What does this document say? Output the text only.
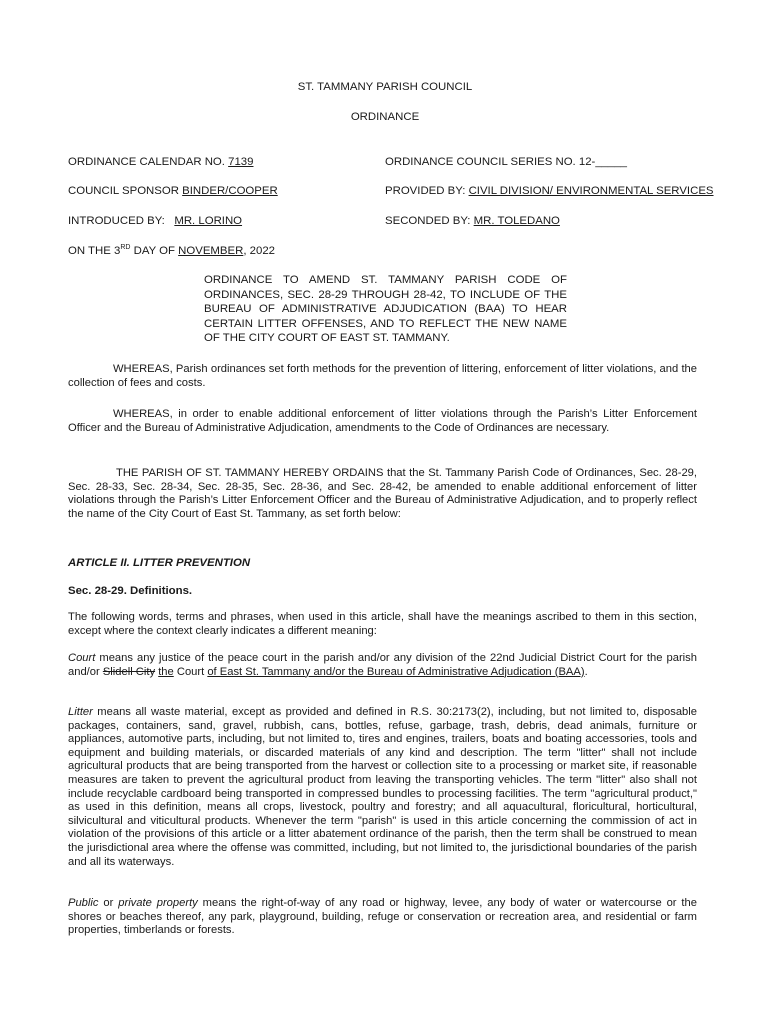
ST. TAMMANY PARISH COUNCIL
ORDINANCE
ORDINANCE CALENDAR NO. 7139	ORDINANCE COUNCIL SERIES NO. 12-_____
COUNCIL SPONSOR BINDER/COOPER	PROVIDED BY: CIVIL DIVISION/ ENVIRONMENTAL SERVICES
INTRODUCED BY:   MR. LORINO	SECONDED BY: MR. TOLEDANO
ON THE 3RD DAY OF NOVEMBER, 2022
ORDINANCE TO AMEND ST. TAMMANY PARISH CODE OF ORDINANCES, SEC. 28-29 THROUGH 28-42, TO INCLUDE OF THE BUREAU OF ADMINISTRATIVE ADJUDICATION (BAA) TO HEAR CERTAIN LITTER OFFENSES, AND TO REFLECT THE NEW NAME OF THE CITY COURT OF EAST ST. TAMMANY.
WHEREAS, Parish ordinances set forth methods for the prevention of littering, enforcement of litter violations, and the collection of fees and costs.
WHEREAS, in order to enable additional enforcement of litter violations through the Parish’s Litter Enforcement Officer and the Bureau of Administrative Adjudication, amendments to the Code of Ordinances are necessary.
THE PARISH OF ST. TAMMANY HEREBY ORDAINS that the St. Tammany Parish Code of Ordinances, Sec. 28-29, Sec. 28-33, Sec. 28-34, Sec. 28-35, Sec. 28-36, and Sec. 28-42, be amended to enable additional enforcement of litter violations through the Parish’s Litter Enforcement Officer and the Bureau of Administrative Adjudication, and to properly reflect the name of the City Court of East St. Tammany, as set forth below:
ARTICLE II. LITTER PREVENTION
Sec. 28-29. Definitions.
The following words, terms and phrases, when used in this article, shall have the meanings ascribed to them in this section, except where the context clearly indicates a different meaning:
Court means any justice of the peace court in the parish and/or any division of the 22nd Judicial District Court for the parish and/or Slidell City the Court of East St. Tammany and/or the Bureau of Administrative Adjudication (BAA).
Litter means all waste material, except as provided and defined in R.S. 30:2173(2), including, but not limited to, disposable packages, containers, sand, gravel, rubbish, cans, bottles, refuse, garbage, trash, debris, dead animals, furniture or appliances, automotive parts, including, but not limited to, tires and engines, trailers, boats and boating accessories, tools and equipment and building materials, or discarded materials of any kind and description. The term "litter" shall not include agricultural products that are being transported from the harvest or collection site to a processing or market site, if reasonable measures are taken to prevent the agricultural product from leaving the transporting vehicles. The term "litter" also shall not include recyclable cardboard being transported in compressed bundles to processing facilities. The term "agricultural product," as used in this definition, means all crops, livestock, poultry and forestry; and all aquacultural, floricultural, horticultural, silvicultural and viticultural products. Whenever the term "parish" is used in this article concerning the commission of act in violation of the provisions of this article or a litter abatement ordinance of the parish, then the term shall be construed to mean the jurisdictional area where the offense was committed, including, but not limited to, the jurisdictional boundaries of the parish and all its waterways.
Public or private property means the right-of-way of any road or highway, levee, any body of water or watercourse or the shores or beaches thereof, any park, playground, building, refuge or conservation or recreation area, and residential or farm properties, timberlands or forests.
